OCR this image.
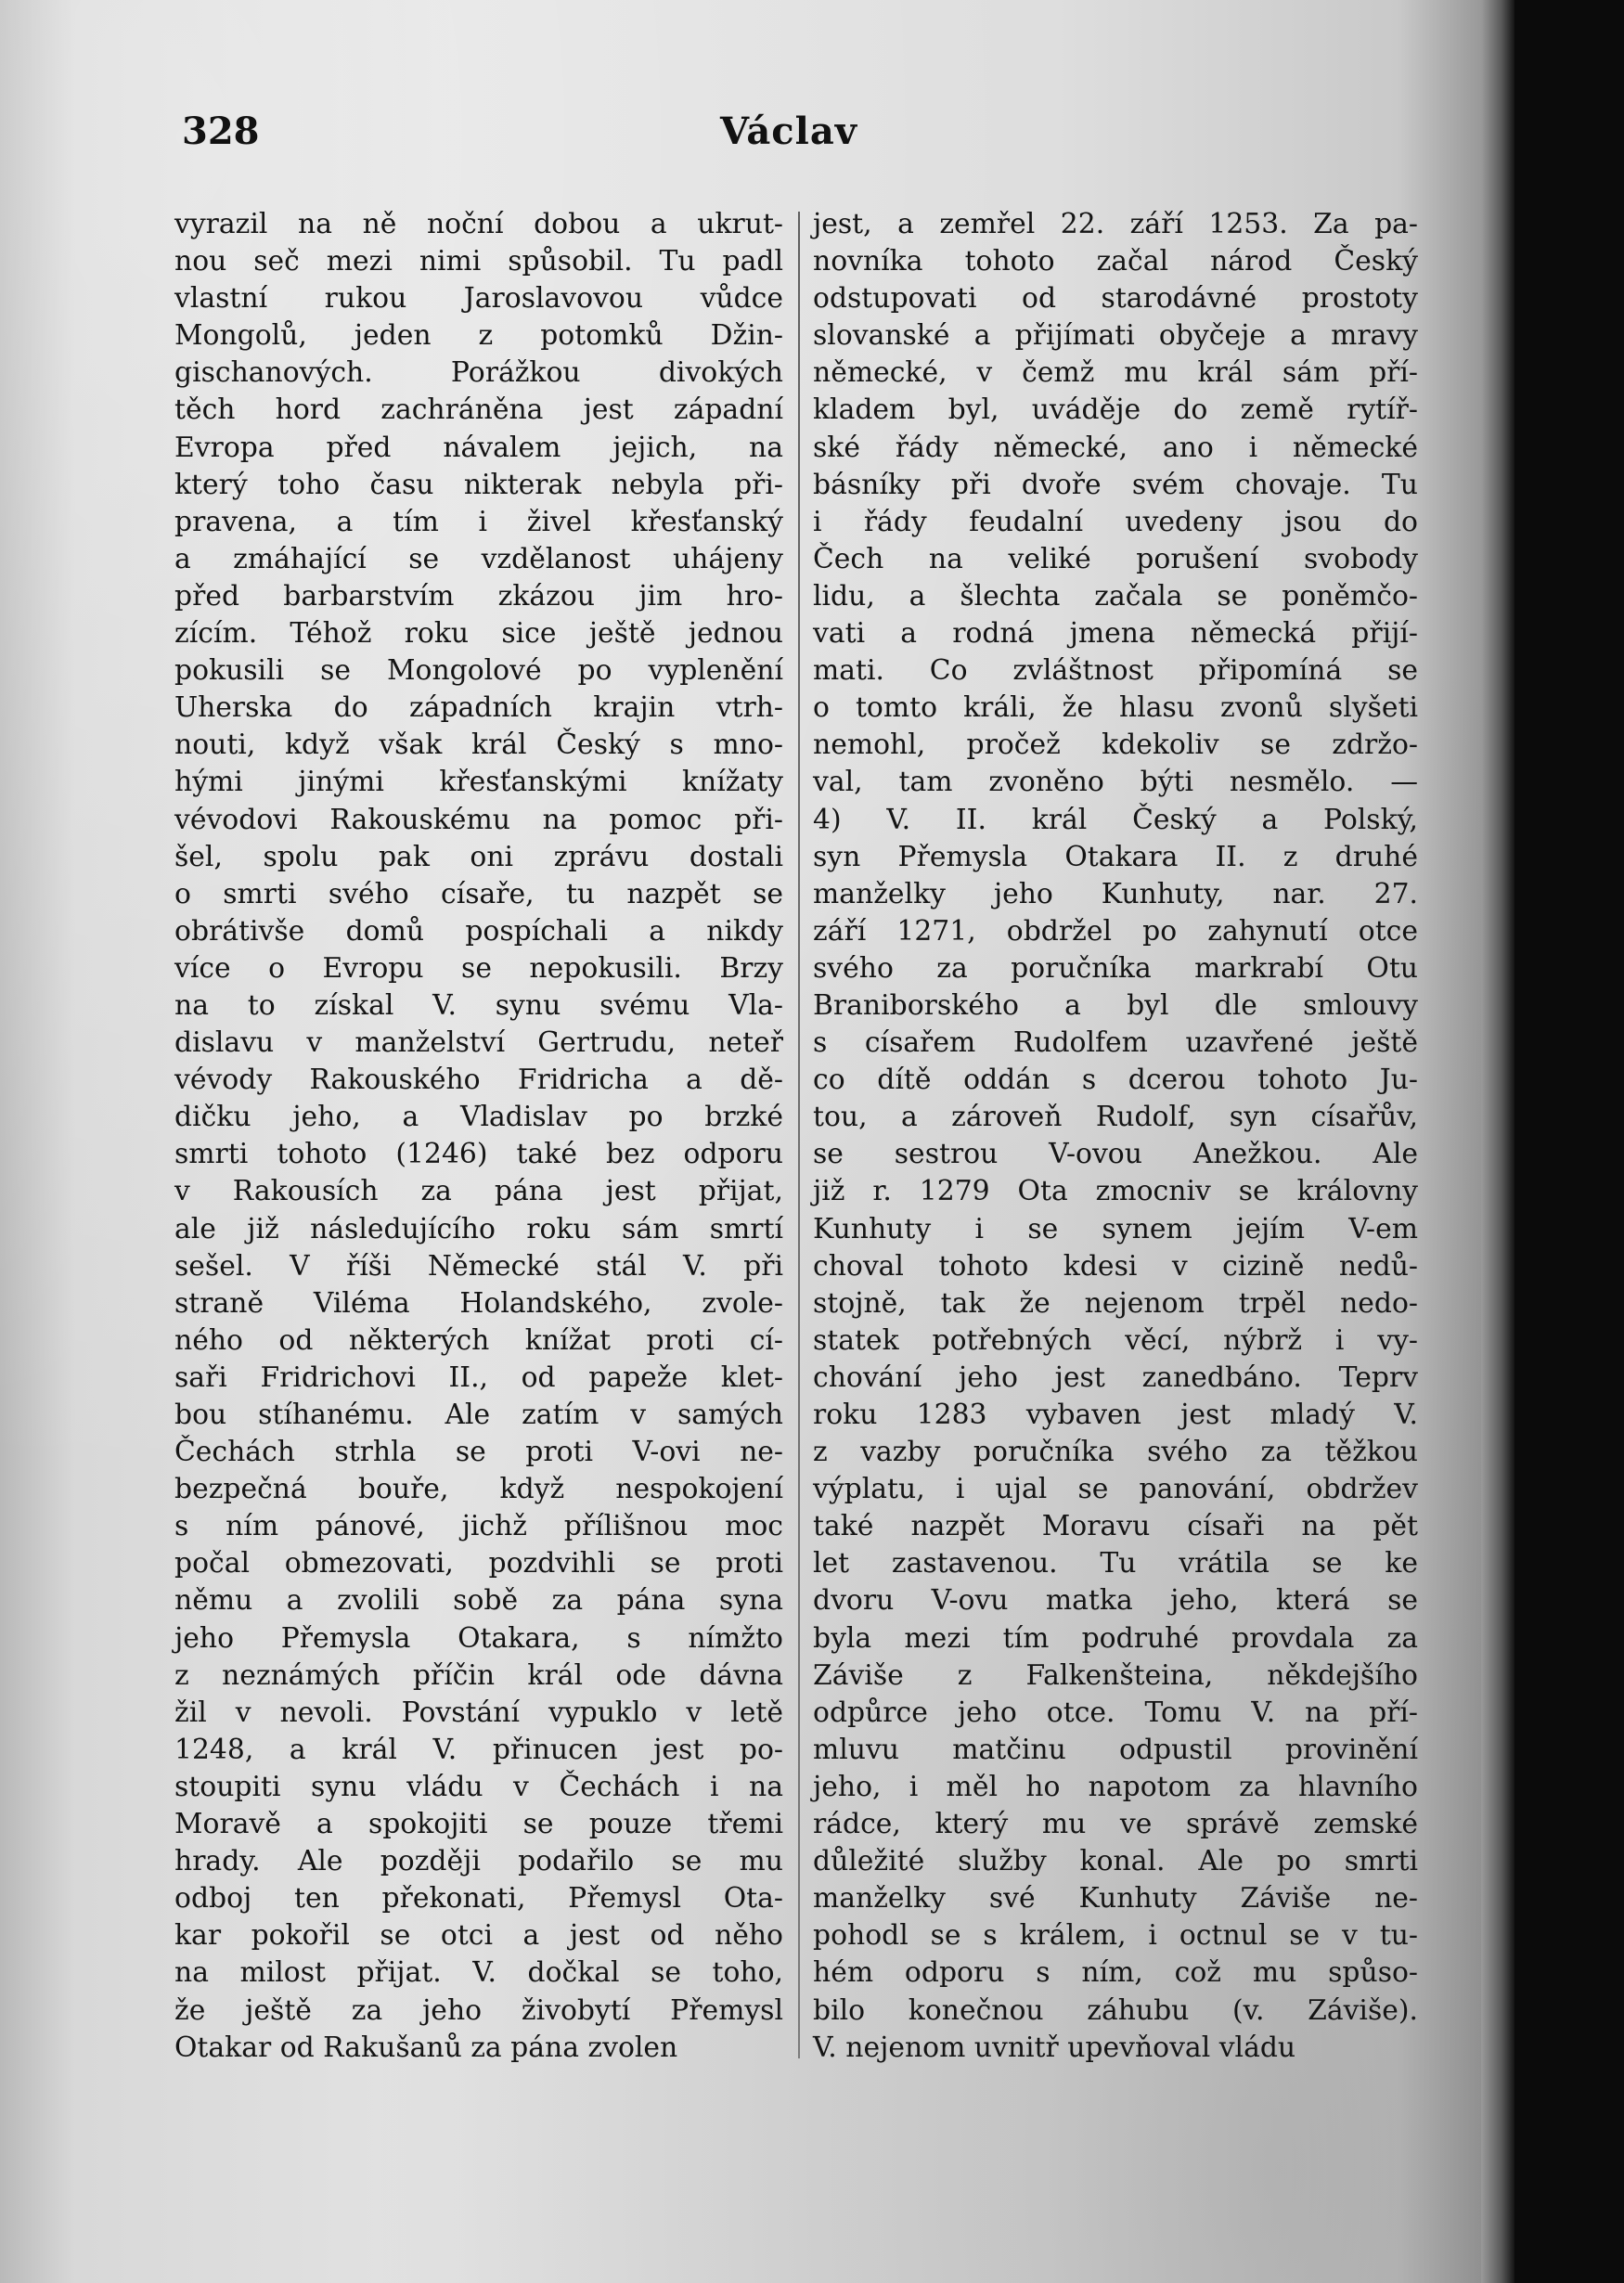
328	Václav
vyrazil na ně noční dobou a ukrut-
nou seč mezi nimi spůsobil. Tu padl
vlastní rukou Jaroslavovou vůdce
Mongolů, jeden z potomků Džin-
gischanových. Porážkou divokých
těch hord zachráněna jest západní
Evropa před návalem jejich, na
který toho času nikterak nebyla při-
pravena, a tím i živel křesťanský
a zmáhající se vzdělanost uhájeny
před barbarstvím zkázou jim hro-
zícím. Téhož roku sice ještě jednou
pokusili se Mongolové po vyplenění
Uherska do západních krajin vtrh-
nouti, když však král Český s mno-
hými jinými křesťanskými knížaty
vévodovi Rakouskému na pomoc při-
šel, spolu pak oni zprávu dostali
o smrti svého císaře, tu nazpět se
obrátivše domů pospíchali a nikdy
více o Evropu se nepokusili. Brzy
na to získal V. synu svému Vla-
dislavu v manželství Gertrudu, neteř
vévody Rakouského Fridricha a dě-
dičku jeho, a Vladislav po brzké
smrti tohoto (1246) také bez odporu
v Rakousích za pána jest přijat,
ale již následujícího roku sám smrtí
sešel. V říši Německé stál V. při
straně Viléma Holandského, zvole-
ného od některých knížat proti cí-
saři Fridrichovi II., od papeže klet-
bou stíhanému. Ale zatím v samých
Čechách strhla se proti V-ovi ne-
bezpečná bouře, když nespokojení
s ním pánové, jichž přílišnou moc
počal obmezovati, pozdvihli se proti
němu a zvolili sobě za pána syna
jeho Přemysla Otakara, s nímžto
z neznámých příčin král ode dávna
žil v nevoli. Povstání vypuklo v letě
1248, a král V. přinucen jest po-
stoupiti synu vládu v Čechách i na
Moravě a spokojiti se pouze třemi
hrady. Ale později podařilo se mu
odboj ten překonati, Přemysl Ota-
kar pokořil se otci a jest od něho
na milost přijat. V. dočkal se toho,
že ještě za jeho živobytí Přemysl
Otakar od Rakušanů za pána zvolen
jest, a zemřel 22. září 1253. Za pa-
novníka tohoto začal národ Český
odstupovati od starodávné prostoty
slovanské a přijímati obyčeje a mravy
německé, v čemž mu král sám pří-
kladem byl, uváděje do země rytíř-
ské řády německé, ano i německé
básníky při dvoře svém chovaje. Tu
i řády feudalní uvedeny jsou do
Čech na veliké porušení svobody
lidu, a šlechta začala se poněmčo-
vati a rodná jmena německá přijí-
mati. Co zvláštnost připomíná se
o tomto králi, že hlasu zvonů slyšeti
nemohl, pročež kdekoliv se zdržo-
val, tam zvoněno býti nesmělo. —
4) V. II. král Český a Polský,
syn Přemysla Otakara II. z druhé
manželky jeho Kunhuty, nar. 27.
září 1271, obdržel po zahynutí otce
svého za poručníka markrabí Otu
Braniborského a byl dle smlouvy
s císařem Rudolfem uzavřené ještě
co dítě oddán s dcerou tohoto Ju-
tou, a zároveň Rudolf, syn císařův,
se sestrou V-ovou Anežkou. Ale
již r. 1279 Ota zmocniv se královny
Kunhuty i se synem jejím V-em
choval tohoto kdesi v cizině nedů-
stojně, tak že nejenom trpěl nedo-
statek potřebných věcí, nýbrž i vy-
chování jeho jest zanedbáno. Teprv
roku 1283 vybaven jest mladý V.
z vazby poručníka svého za těžkou
výplatu, i ujal se panování, obdržev
také nazpět Moravu císaři na pět
let zastavenou. Tu vrátila se ke
dvoru V-ovu matka jeho, která se
byla mezi tím podruhé provdala za
Záviše z Falkenšteina, někdejšího
odpůrce jeho otce. Tomu V. na pří-
mluvu matčinu odpustil provinění
jeho, i měl ho napotom za hlavního
rádce, který mu ve správě zemské
důležité služby konal. Ale po smrti
manželky své Kunhuty Záviše ne-
pohodl se s králem, i octnul se v tu-
hém odporu s ním, což mu spůso-
bilo konečnou záhubu (v. Záviše).
V. nejenom uvnitř upevňoval vládu
